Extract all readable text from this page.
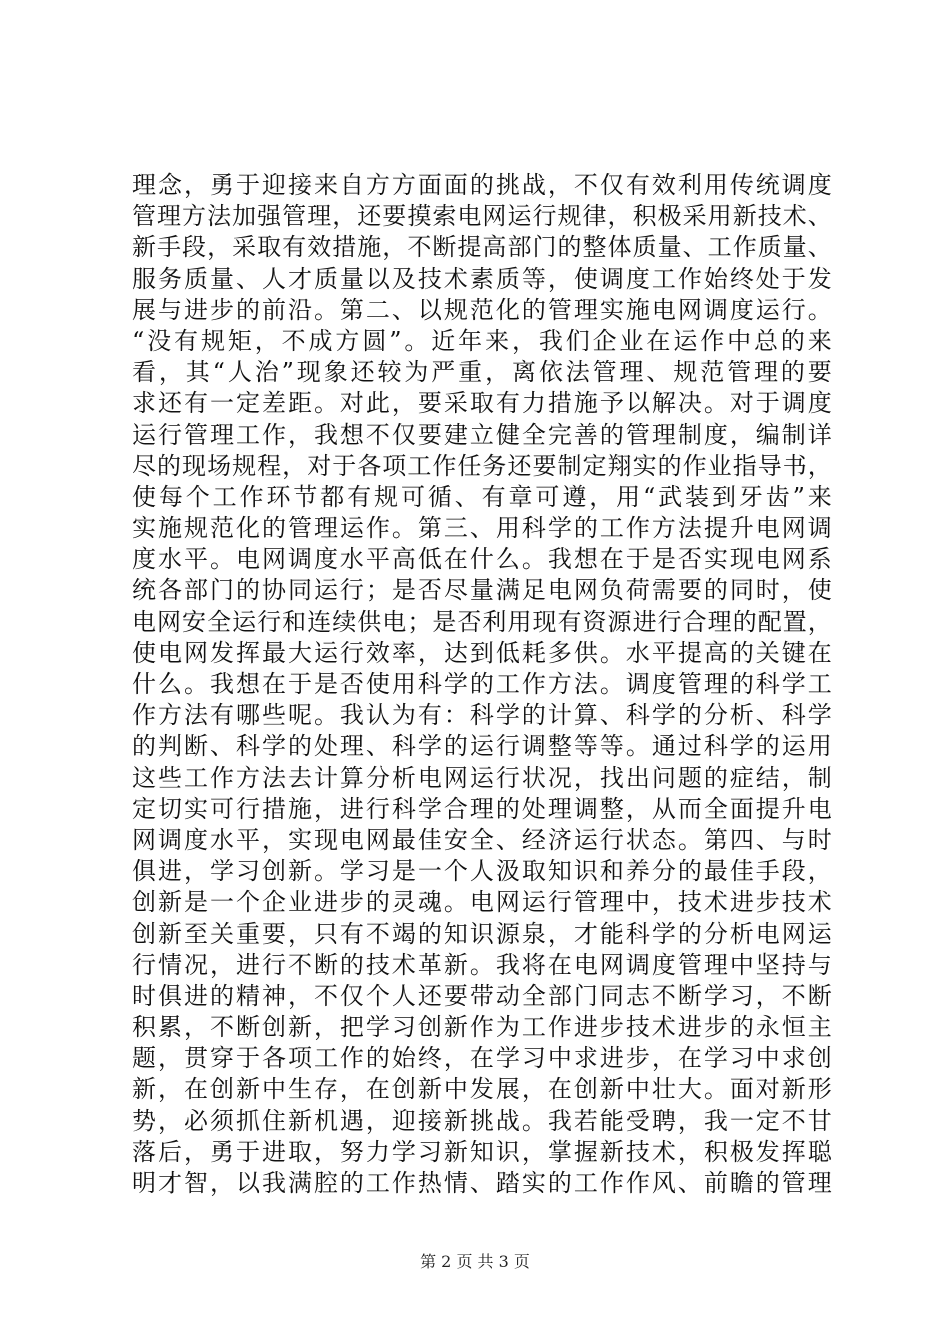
理念，勇于迎接来自方方面面的挑战，不仅有效利用传统调度
管理方法加强管理，还要摸索电网运行规律，积极采用新技术、
新手段，采取有效措施，不断提高部门的整体质量、工作质量、
服务质量、人才质量以及技术素质等，使调度工作始终处于发
展与进步的前沿。第二、以规范化的管理实施电网调度运行。
“没有规矩，不成方圆”。近年来，我们企业在运作中总的来
看，其“人治”现象还较为严重，离依法管理、规范管理的要
求还有一定差距。对此，要采取有力措施予以解决。对于调度
运行管理工作，我想不仅要建立健全完善的管理制度，编制详
尽的现场规程，对于各项工作任务还要制定翔实的作业指导书，
使每个工作环节都有规可循、有章可遵，用“武装到牙齿”来
实施规范化的管理运作。第三、用科学的工作方法提升电网调
度水平。电网调度水平高低在什么。我想在于是否实现电网系
统各部门的协同运行；是否尽量满足电网负荷需要的同时，使
电网安全运行和连续供电；是否利用现有资源进行合理的配置，
使电网发挥最大运行效率，达到低耗多供。水平提高的关键在
什么。我想在于是否使用科学的工作方法。调度管理的科学工
作方法有哪些呢。我认为有：科学的计算、科学的分析、科学
的判断、科学的处理、科学的运行调整等等。通过科学的运用
这些工作方法去计算分析电网运行状况，找出问题的症结，制
定切实可行措施，进行科学合理的处理调整，从而全面提升电
网调度水平，实现电网最佳安全、经济运行状态。第四、与时
俱进，学习创新。学习是一个人汲取知识和养分的最佳手段，
创新是一个企业进步的灵魂。电网运行管理中，技术进步技术
创新至关重要，只有不竭的知识源泉，才能科学的分析电网运
行情况，进行不断的技术革新。我将在电网调度管理中坚持与
时俱进的精神，不仅个人还要带动全部门同志不断学习，不断
积累，不断创新，把学习创新作为工作进步技术进步的永恒主
题，贯穿于各项工作的始终，在学习中求进步，在学习中求创
新，在创新中生存，在创新中发展，在创新中壮大。面对新形
势，必须抓住新机遇，迎接新挑战。我若能受聘，我一定不甘
落后，勇于进取，努力学习新知识，掌握新技术，积极发挥聪
明才智，以我满腔的工作热情、踏实的工作作风、前瞻的管理
第 2 页 共 3 页
